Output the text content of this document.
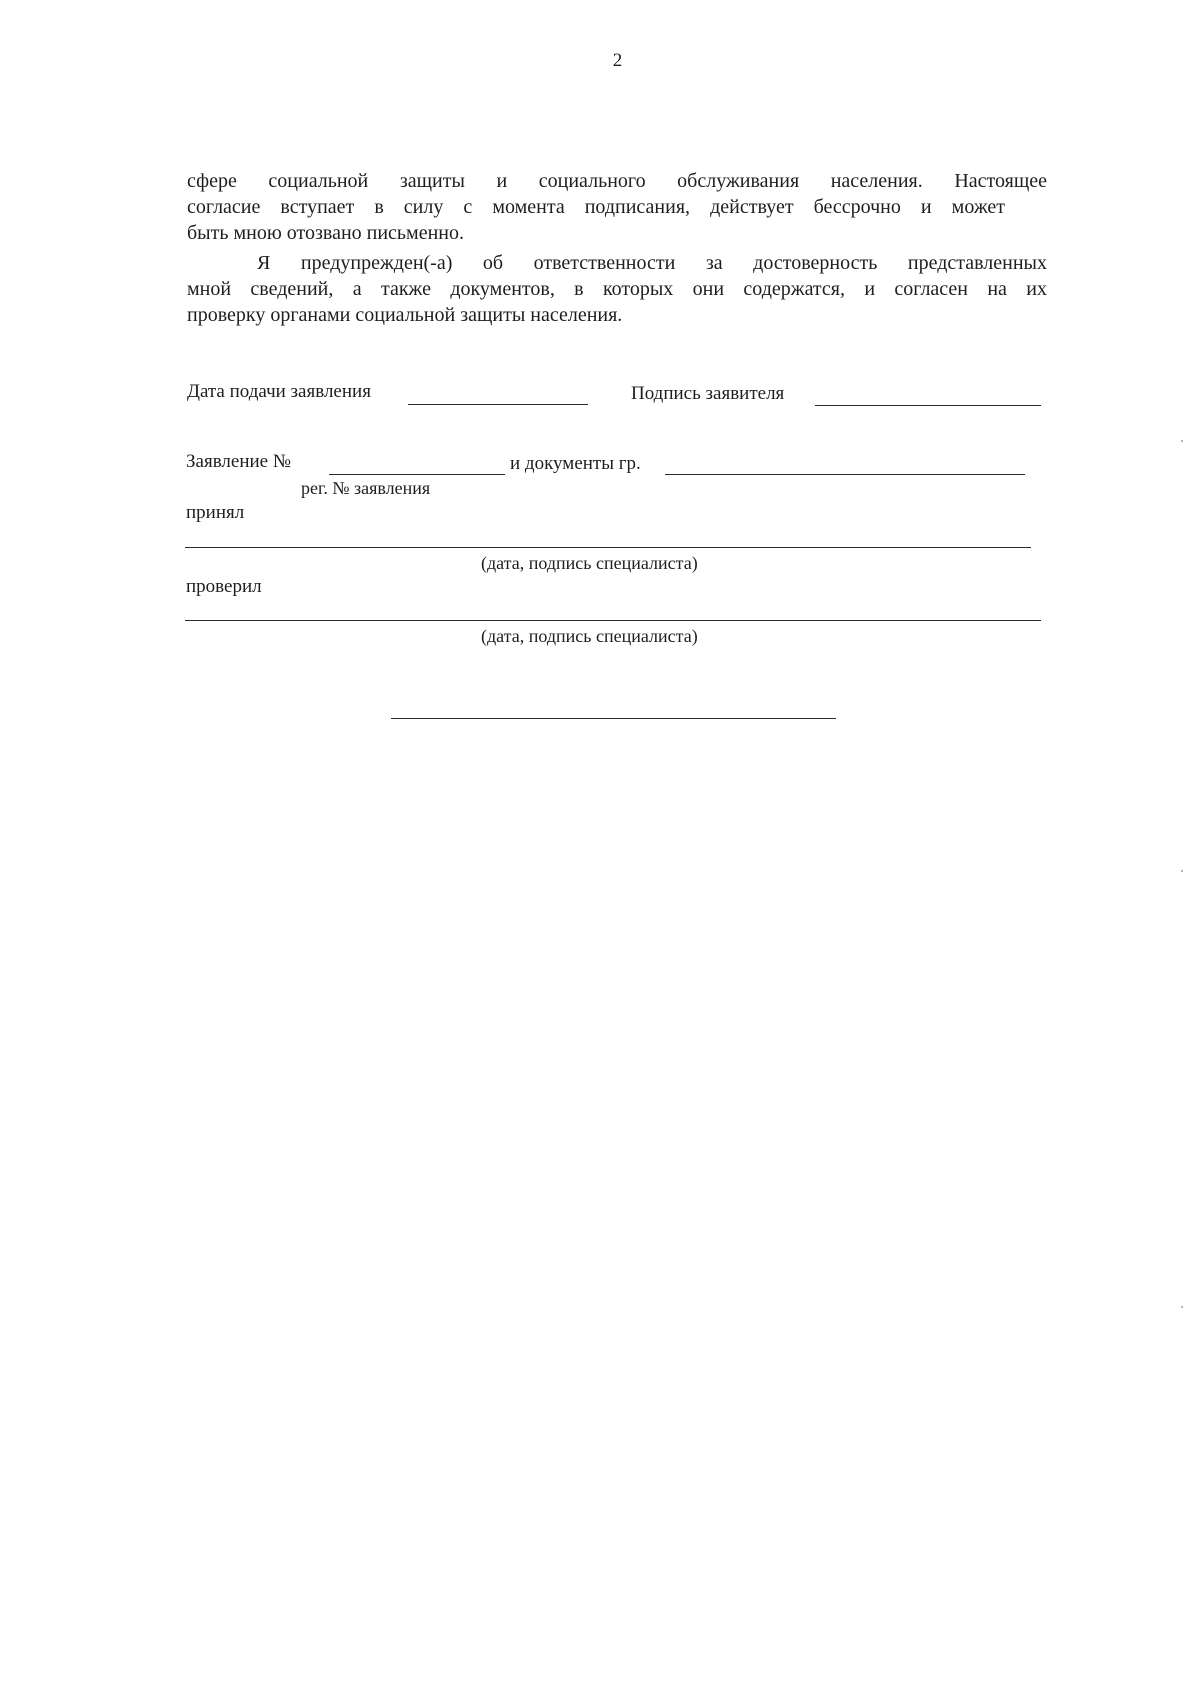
2
сфере социальной защиты и социального обслуживания населения. Настоящее
согласие вступает в силу с момента подписания, действует бессрочно и может
быть мною отозвано письменно.
Я предупрежден(-а) об ответственности за достоверность представленных
мной сведений, а также документов, в которых они содержатся, и согласен на их
проверку органами социальной защиты населения.
Дата подачи заявления	Подпись заявителя
Заявление №	и документы гр.
рег. № заявления
принял
(дата, подпись специалиста)
проверил
(дата, подпись специалиста)
